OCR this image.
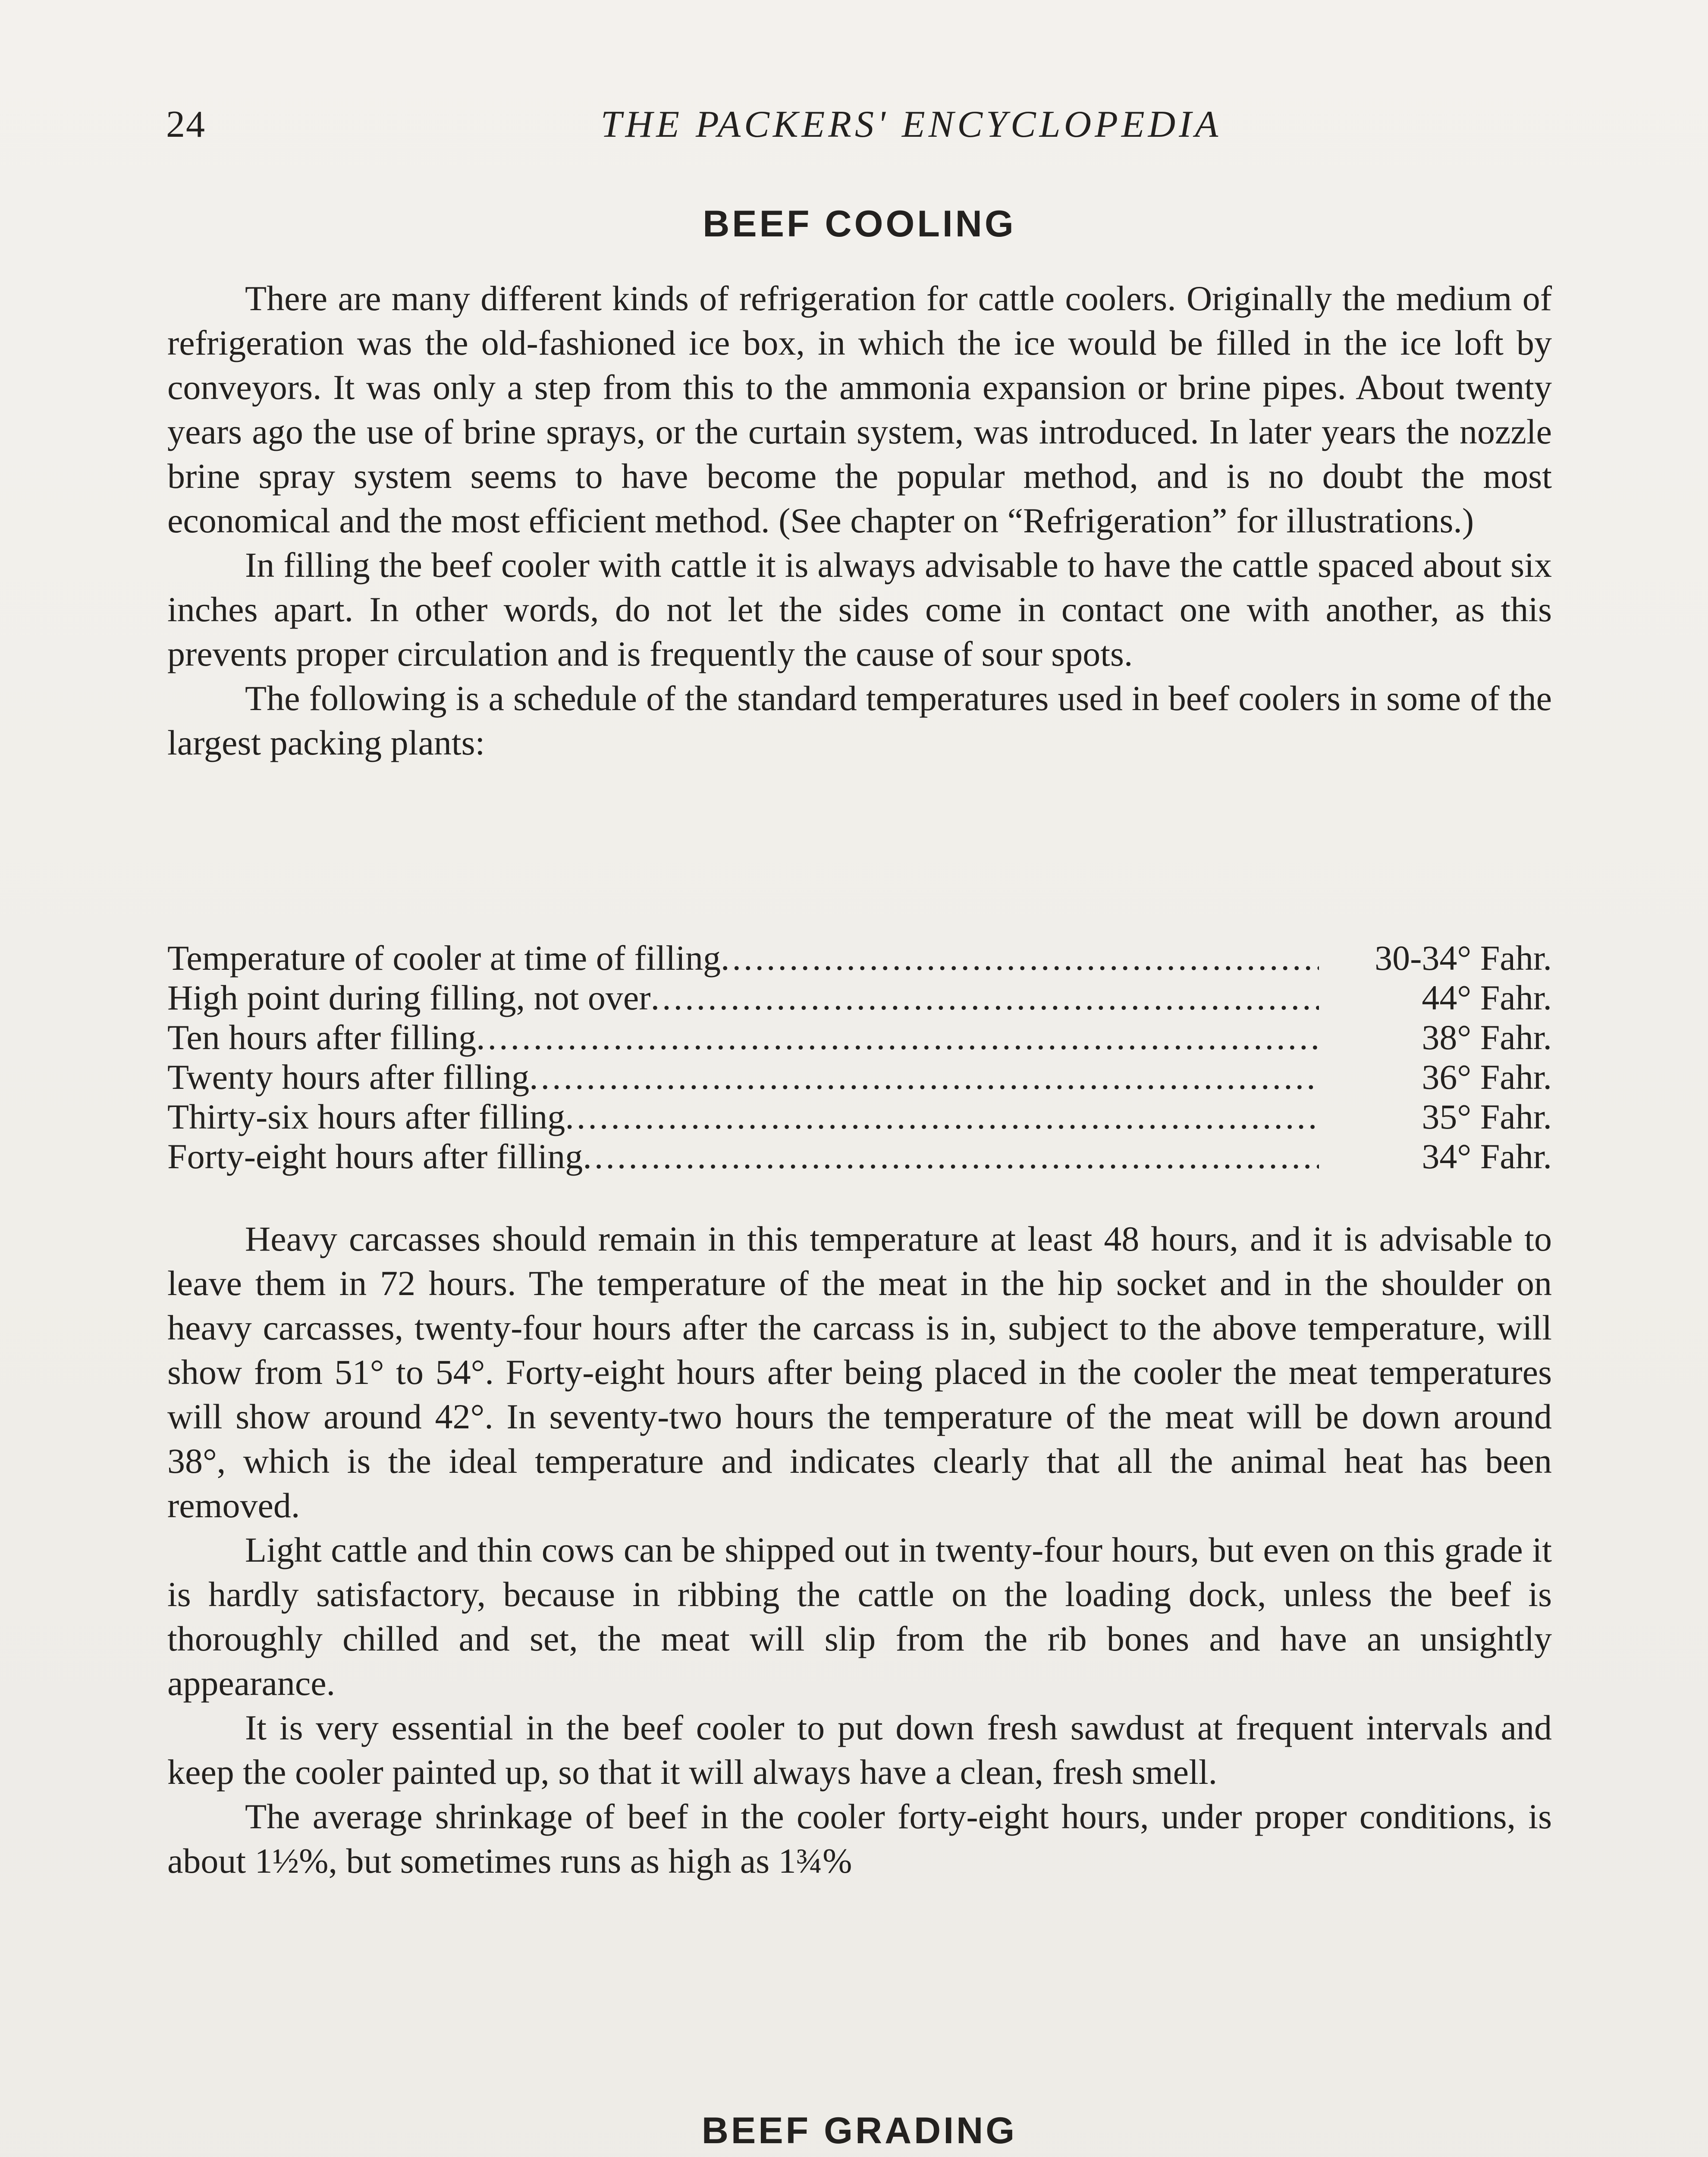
24	THE PACKERS' ENCYCLOPEDIA
BEEF COOLING

There are many different kinds of refrigeration for cattle coolers. Originally the medium of refrigeration was the old-fashioned ice box, in which the ice would be filled in the ice loft by conveyors. It was only a step from this to the ammonia expansion or brine pipes. About twenty years ago the use of brine sprays, or the curtain system, was introduced. In later years the nozzle brine spray system seems to have become the popular method, and is no doubt the most economical and the most efficient method. (See chapter on “Refrigeration” for illustrations.)

In filling the beef cooler with cattle it is always advisable to have the cattle spaced about six inches apart. In other words, do not let the sides come in contact one with another, as this prevents proper circulation and is frequently the cause of sour spots.

The following is a schedule of the standard temperatures used in beef coolers in some of the largest packing plants:

Temperature of cooler at time of filling .....	30-34° Fahr.
High point during filling, not over .....	44° Fahr.
Ten hours after filling .....	38° Fahr.
Twenty hours after filling .....	36° Fahr.
Thirty-six hours after filling .....	35° Fahr.
Forty-eight hours after filling .....	34° Fahr.

Heavy carcasses should remain in this temperature at least 48 hours, and it is advisable to leave them in 72 hours. The temperature of the meat in the hip socket and in the shoulder on heavy carcasses, twenty-four hours after the carcass is in, subject to the above temperature, will show from 51° to 54°. Forty-eight hours after being placed in the cooler the meat temperatures will show around 42°. In seventy-two hours the temperature of the meat will be down around 38°, which is the ideal temperature and indicates clearly that all the animal heat has been removed.

Light cattle and thin cows can be shipped out in twenty-four hours, but even on this grade it is hardly satisfactory, because in ribbing the cattle on the loading dock, unless the beef is thoroughly chilled and set, the meat will slip from the rib bones and have an unsightly appearance.

It is very essential in the beef cooler to put down fresh sawdust at frequent intervals and keep the cooler painted up, so that it will always have a clean, fresh smell.

The average shrinkage of beef in the cooler forty-eight hours, under proper conditions, is about 1½%, but sometimes runs as high as 1¾%

BEEF GRADING
